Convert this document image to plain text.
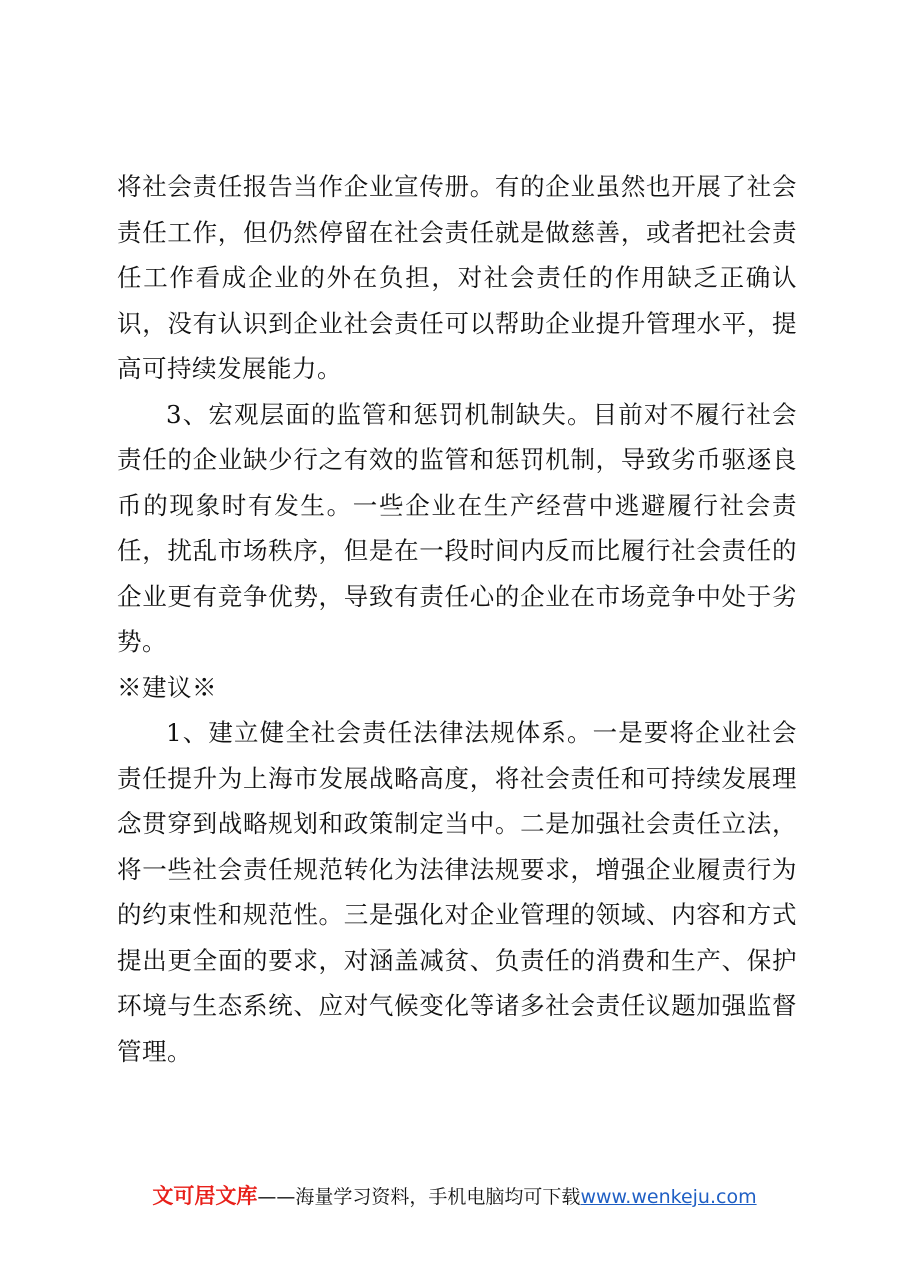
将社会责任报告当作企业宣传册。有的企业虽然也开展了社会责任工作，但仍然停留在社会责任就是做慈善，或者把社会责任工作看成企业的外在负担，对社会责任的作用缺乏正确认识，没有认识到企业社会责任可以帮助企业提升管理水平，提高可持续发展能力。

3、宏观层面的监管和惩罚机制缺失。目前对不履行社会责任的企业缺少行之有效的监管和惩罚机制，导致劣币驱逐良币的现象时有发生。一些企业在生产经营中逃避履行社会责任，扰乱市场秩序，但是在一段时间内反而比履行社会责任的企业更有竞争优势，导致有责任心的企业在市场竞争中处于劣势。

※建议※

1、建立健全社会责任法律法规体系。一是要将企业社会责任提升为上海市发展战略高度，将社会责任和可持续发展理念贯穿到战略规划和政策制定当中。二是加强社会责任立法，将一些社会责任规范转化为法律法规要求，增强企业履责行为的约束性和规范性。三是强化对企业管理的领域、内容和方式提出更全面的要求，对涵盖减贫、负责任的消费和生产、保护环境与生态系统、应对气候变化等诸多社会责任议题加强监督管理。

文可居文库——海量学习资料，手机电脑均可下载www.wenkeju.com
